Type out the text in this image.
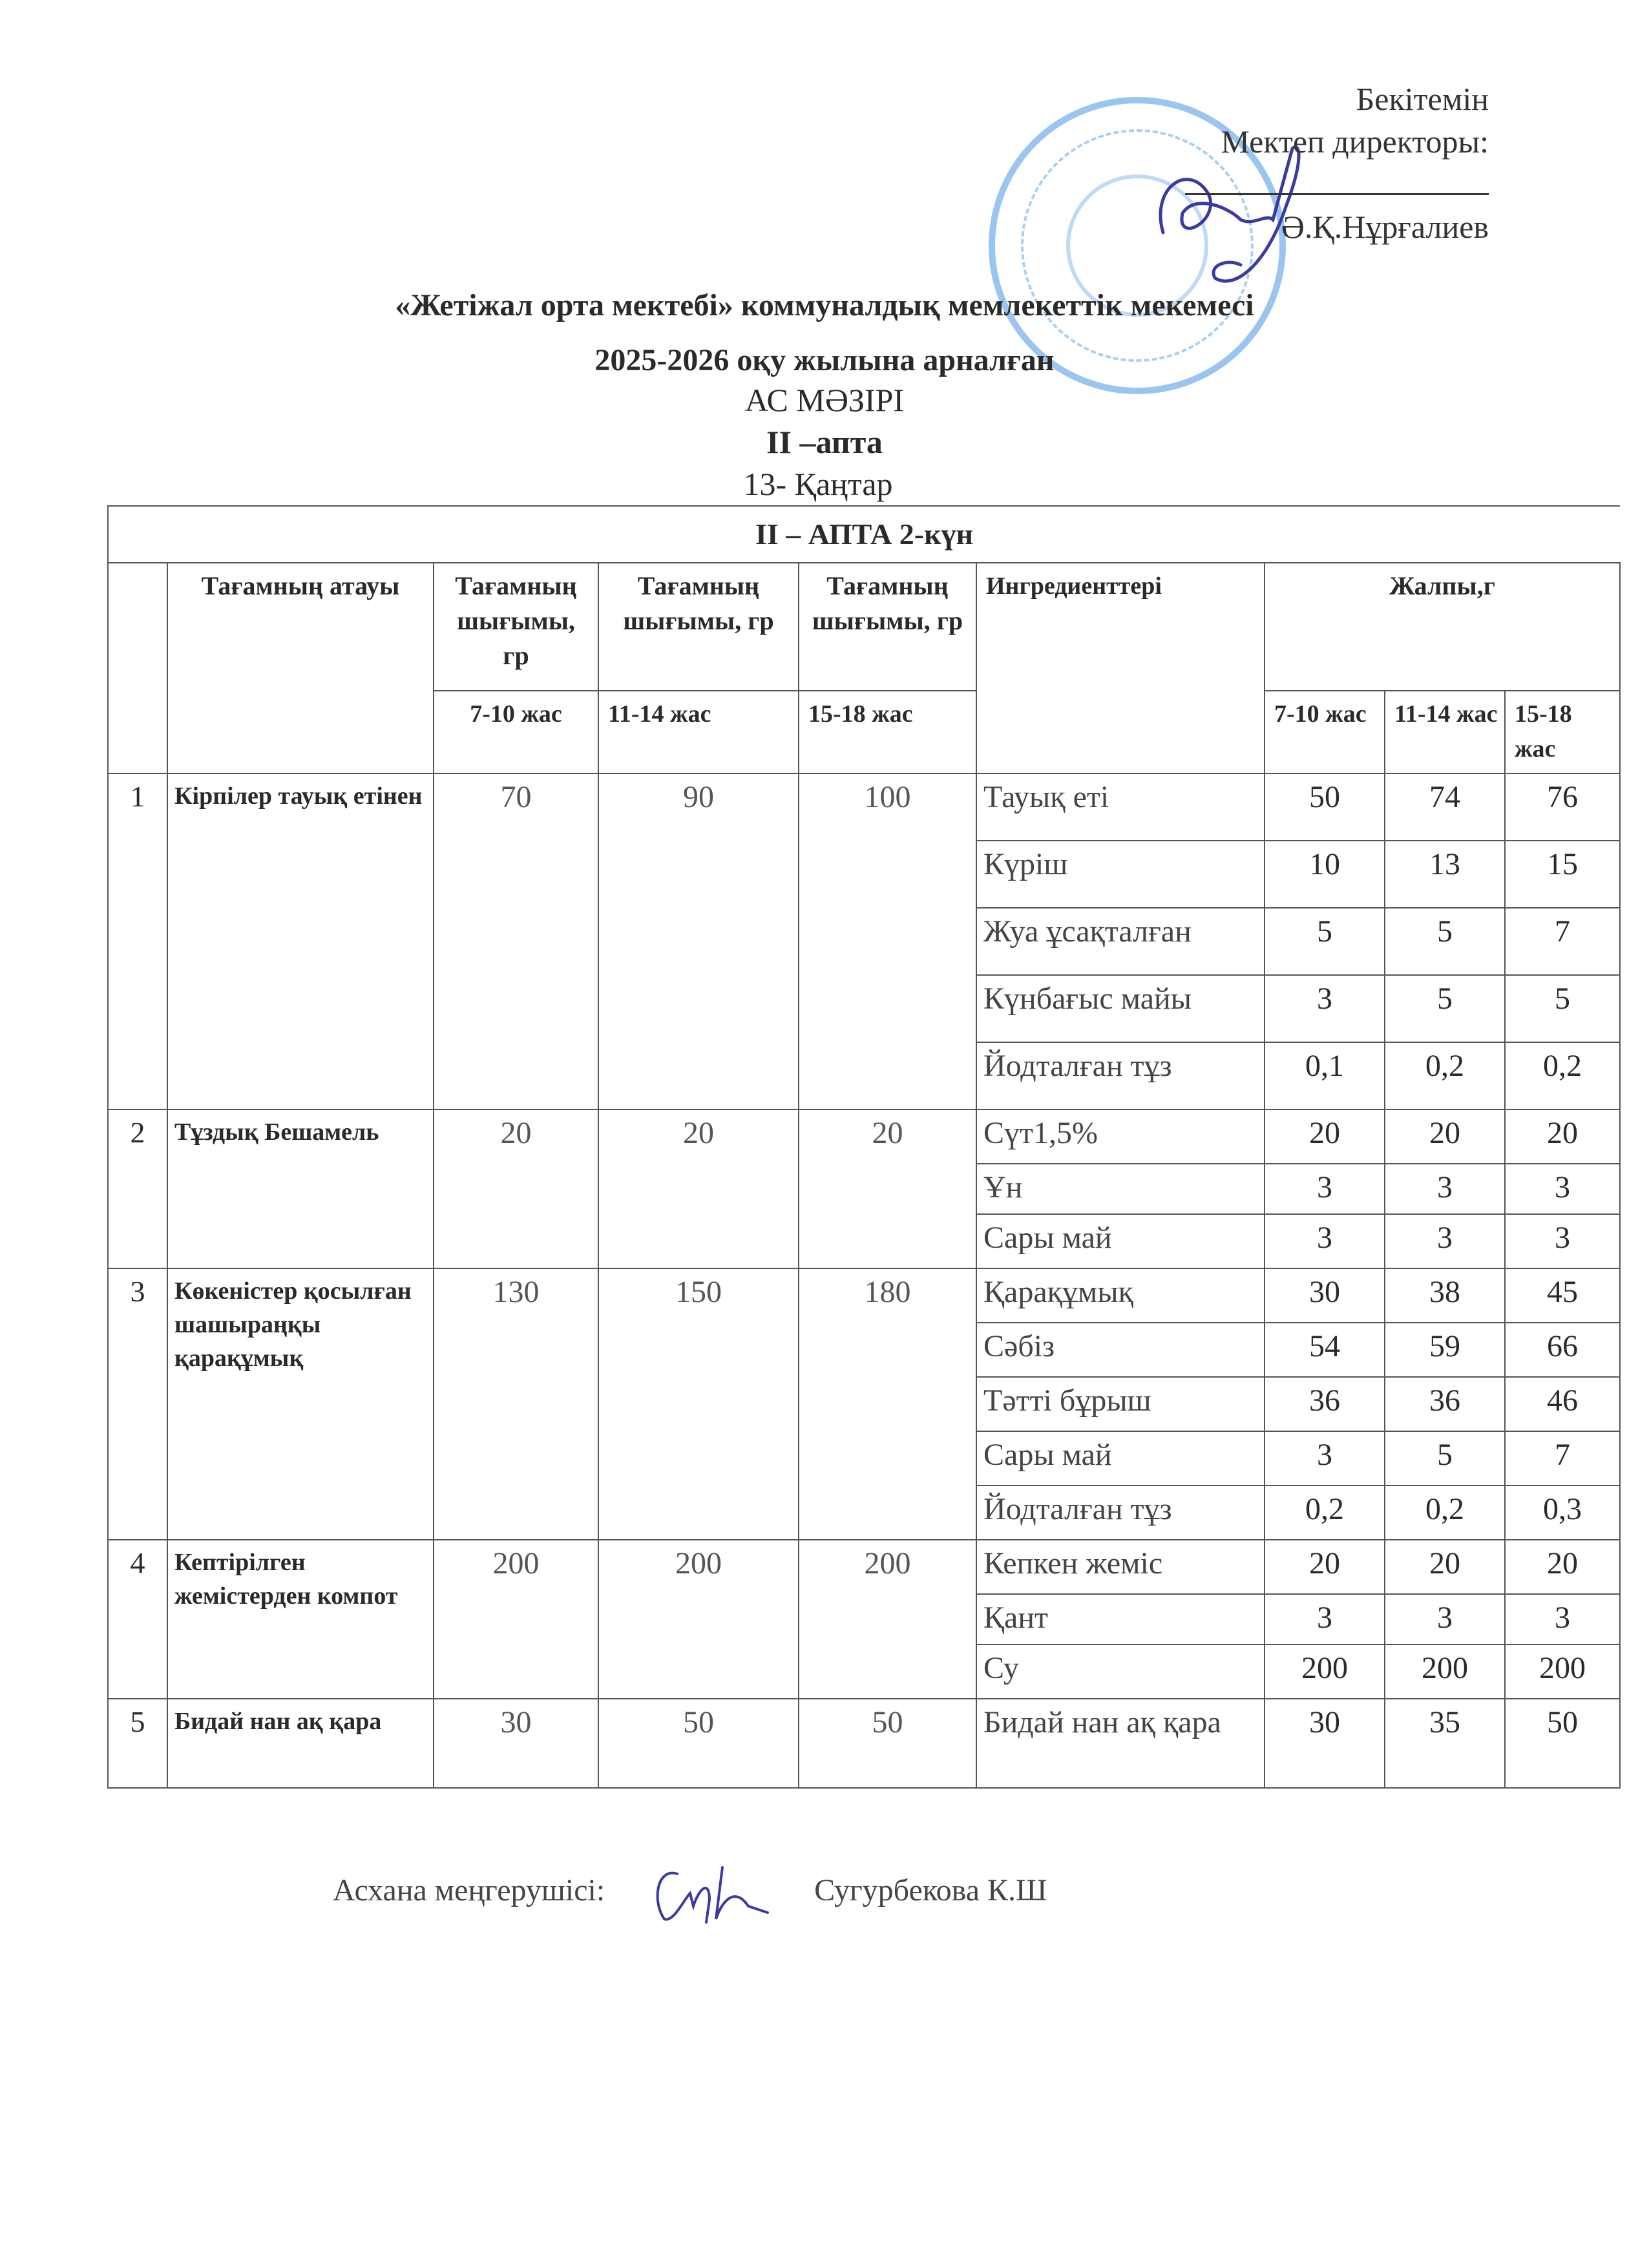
Бекітемін
Мектеп директоры:
Ә.Қ.Нұрғалиев
«Жетіжал орта мектебі» коммуналдық мемлекеттік мекемесі
2025-2026 оқу жылына арналған
АС МӘЗІРІ
ІІ –апта
13- Қаңтар
ІІ – АПТА 2-күн								
	Тағамның атауы	Тағамның шығымы, гр	Тағамның шығымы, гр	Тағамның шығымы, гр	Ингредиенттері	Жалпы,г		
		7-10 жас	11-14 жас	15-18 жас		7-10 жас	11-14 жас	15-18 жас
1	Кірпілер тауық етінен	70	90	100	Тауық еті	50	74	76
					Күріш	10	13	15
					Жуа ұсақталған	5	5	7
					Күнбағыс майы	3	5	5
					Йодталған тұз	0,1	0,2	0,2
2	Тұздық Бешамель	20	20	20	Сүт1,5%	20	20	20
					Ұн	3	3	3
					Сары май	3	3	3
3	Көкеністер қосылған шашыраңқы қарақұмық	130	150	180	Қарақұмық	30	38	45
					Сәбіз	54	59	66
					Тәтті бұрыш	36	36	46
					Сары май	3	5	7
					Йодталған тұз	0,2	0,2	0,3
4	Кептірілген жемістерден компот	200	200	200	Кепкен жеміс	20	20	20
					Қант	3	3	3
					Су	200	200	200
5	Бидай нан ақ қара	30	50	50	Бидай нан ақ қара	30	35	50
Асхана меңгерушісі:	Сугурбекова К.Ш
